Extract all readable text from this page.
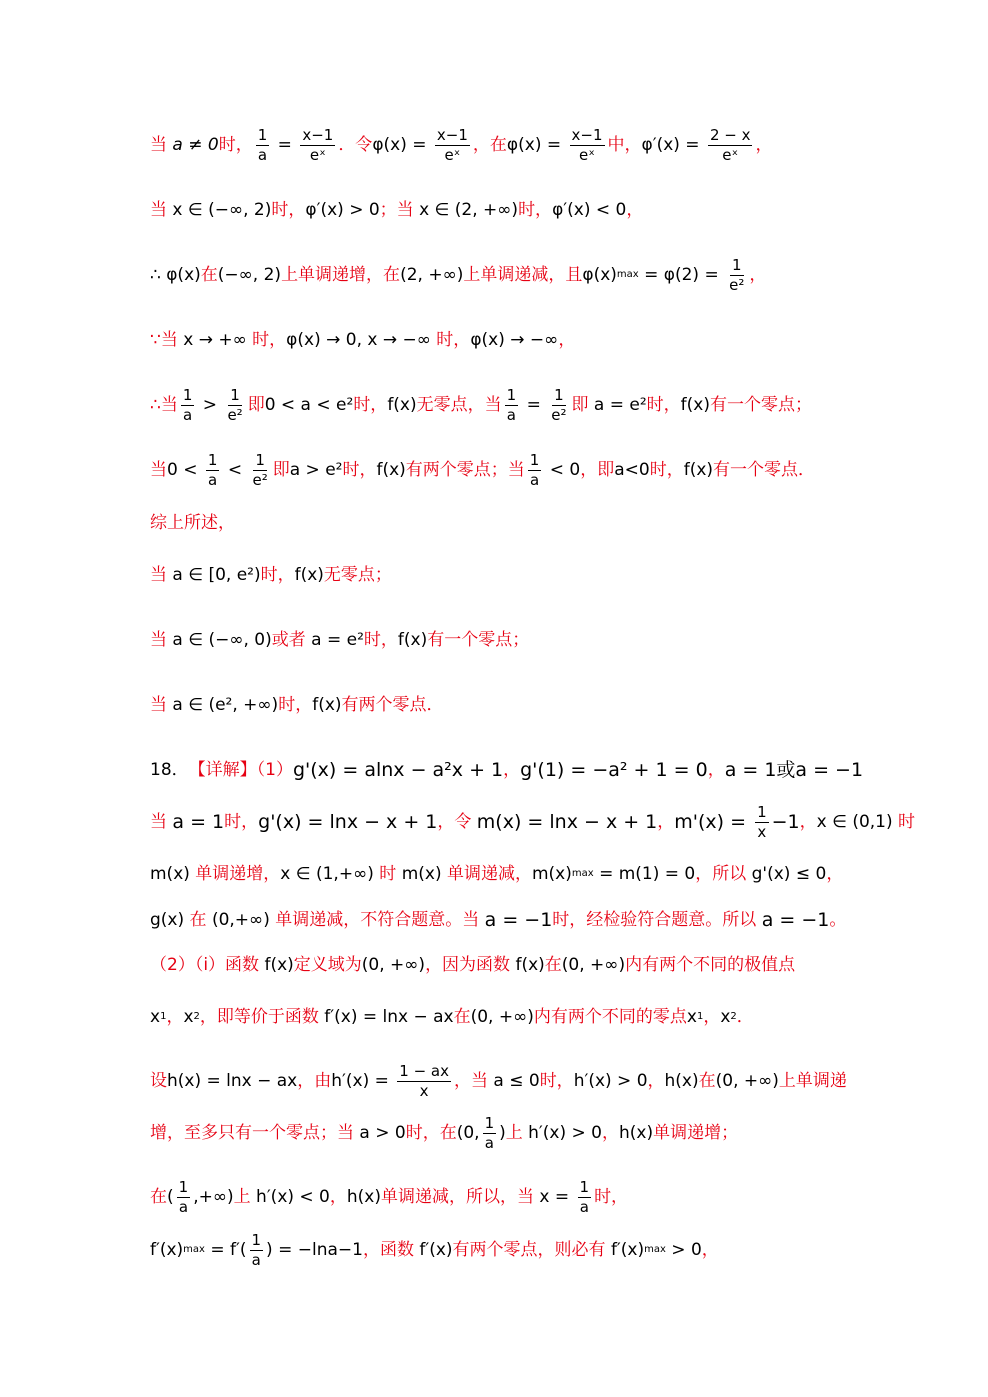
当 a ≠ 0 时， $\frac{1}{a} = \frac{x-1}{\text{eˣ}}$ ．令 $\varphi(x) = \frac{x-1}{\text{eˣ}}$ ，在 $\varphi(x) = \frac{x-1}{\text{eˣ}}$ 中， $\varphi'(x) = \frac{2 - x}{\text{eˣ}}$ ，
当 x ∈ (−∞, 2) 时， φ′(x) > 0 ；当 x ∈ (2, +∞) 时， φ′(x) < 0 ，
∴ φ(x) 在 (−∞, 2) 上单调递增，在 (2, +∞) 上单调递减，且 φ(x) $\max = \varphi(2) = \frac{1}{\text{e²}}$ ，
∵当 x → +∞ 时， φ(x) → 0, x → −∞ 时， φ(x) → −∞ ，
∴当 $\frac{1}{a} > \frac{1}{\text{e²}}$ 即 0 < a < e² 时， f(x) 无零点，当 $\frac{1}{a} = \frac{1}{\text{e²}}$ 即 a = e² 时， f(x) 有一个零点；
当 $0 < \frac{1}{a} < \frac{1}{\text{e²}}$ 即 a > e² 时， f(x) 有两个零点；当 $\frac{1}{a} < 0$ ，即 a<0 时， f(x) 有一个零点．
综上所述，
当 a ∈ [0, e²) 时， f(x) 无零点；
当 a ∈ (−∞, 0) 或者 a = e² 时， f(x) 有一个零点；
当 a ∈ (e², +∞) 时， f(x) 有两个零点．
18． 【详解】（1） g'(x) = alnx − a²x + 1 ， g'(1) = −a² + 1 = 0 ， a = 1或a = −1
当 a = 1 时， g'(x) = lnx − x + 1 ，令 m(x) = lnx − x + 1 ， $m'(x) = \frac{1}{x} -1$ ， x ∈ (0,1) 时
m(x) 单调递增， x ∈ (1,+∞) 时 m(x) 单调递减， m(x) max = m(1) = 0 ，所以 g'(x) ≤ 0 ，
g(x) 在 (0,+∞) 单调递减，不符合题意。当 a = −1 时，经检验符合题意。所以 a = −1 。
（2）（i）函数 f(x) 定义域为 (0, +∞) ，因为函数 f(x) 在 (0, +∞) 内有两个不同的极值点
x 1 ， x 2 ，即等价于函数 f′(x) = lnx − ax 在 (0, +∞) 内有两个不同的零点 x 1 ， x 2 ．
设 h(x) = lnx − ax ，由 $h'(x) = \frac{1 - ax}{x}$ ，当 a ≤ 0 时， h′(x) > 0 ， h(x) 在 (0, +∞) 上单调递
增，至多只有一个零点；当 a > 0 时，在 (0, $\frac{1}{a}$ ) 上 h′(x) > 0 ， h(x) 单调递增；
在 ( $\frac{1}{a}$ ,+∞) 上 h′(x) < 0 ， h(x) 单调递减，所以，当 $x = \frac{1}{a}$ 时，
f′(x) $\max = f'( \frac{1}{a}$ ) = −lna−1 ，函数 f′(x) 有两个零点，则必有 f′(x) max > 0 ，
